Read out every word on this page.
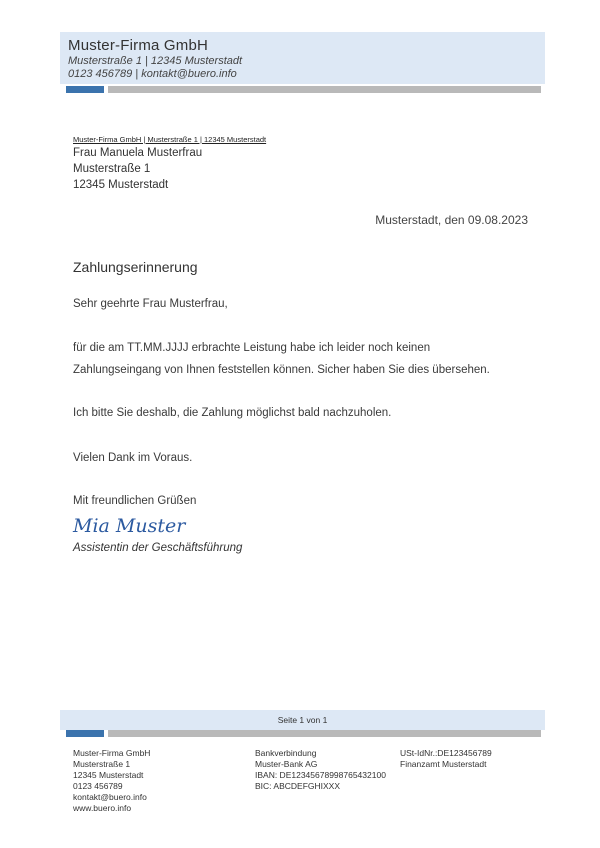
Muster-Firma GmbH
Musterstraße 1 | 12345 Musterstadt
0123 456789 | kontakt@buero.info
Muster-Firma GmbH | Musterstraße 1 | 12345 Musterstadt
Frau Manuela Musterfrau
Musterstraße 1
12345 Musterstadt
Musterstadt, den 09.08.2023
Zahlungserinnerung
Sehr geehrte Frau Musterfrau,
für die am TT.MM.JJJJ erbrachte Leistung habe ich leider noch keinen
Zahlungseingang von Ihnen feststellen können. Sicher haben Sie dies übersehen.
Ich bitte Sie deshalb, die Zahlung möglichst bald nachzuholen.
Vielen Dank im Voraus.
Mit freundlichen Grüßen
Mia Muster
Assistentin der Geschäftsführung
Seite 1 von 1
Muster-Firma GmbH
Musterstraße 1
12345 Musterstadt
0123 456789
kontakt@buero.info
www.buero.info
Bankverbindung
Muster-Bank AG
IBAN: DE12345678998765432100
BIC: ABCDEFGHIXXX
USt-IdNr.:DE123456789
Finanzamt Musterstadt
